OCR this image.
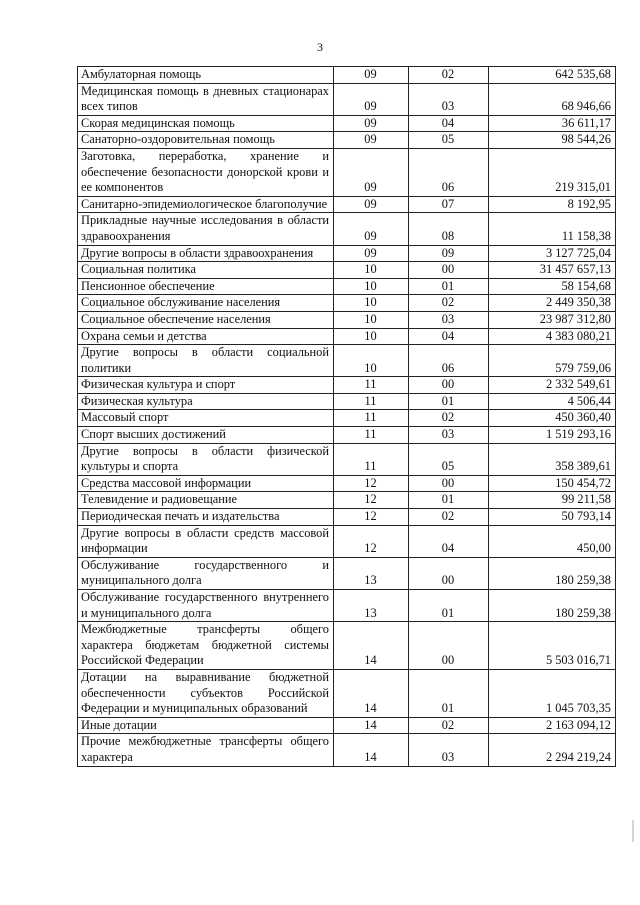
3
Амбулаторная помощь	09	02	642 535,68
Медицинская помощь в дневных стационарах всех типов	09	03	68 946,66
Скорая медицинская помощь	09	04	36 611,17
Санаторно-оздоровительная помощь	09	05	98 544,26
Заготовка, переработка, хранение и обеспечение безопасности донорской крови и ее компонентов	09	06	219 315,01
Санитарно-эпидемиологическое благополучие	09	07	8 192,95
Прикладные научные исследования в области здравоохранения	09	08	11 158,38
Другие вопросы в области здравоохранения	09	09	3 127 725,04
Социальная политика	10	00	31 457 657,13
Пенсионное обеспечение	10	01	58 154,68
Социальное обслуживание населения	10	02	2 449 350,38
Социальное обеспечение населения	10	03	23 987 312,80
Охрана семьи и детства	10	04	4 383 080,21
Другие вопросы в области социальной политики	10	06	579 759,06
Физическая культура и спорт	11	00	2 332 549,61
Физическая культура	11	01	4 506,44
Массовый спорт	11	02	450 360,40
Спорт высших достижений	11	03	1 519 293,16
Другие вопросы в области физической культуры и спорта	11	05	358 389,61
Средства массовой информации	12	00	150 454,72
Телевидение и радиовещание	12	01	99 211,58
Периодическая печать и издательства	12	02	50 793,14
Другие вопросы в области средств массовой информации	12	04	450,00
Обслуживание государственного и муниципального долга	13	00	180 259,38
Обслуживание государственного внутреннего и муниципального долга	13	01	180 259,38
Межбюджетные трансферты общего характера бюджетам бюджетной системы Российской Федерации	14	00	5 503 016,71
Дотации на выравнивание бюджетной обеспеченности субъектов Российской Федерации и муниципальных образований	14	01	1 045 703,35
Иные дотации	14	02	2 163 094,12
Прочие межбюджетные трансферты общего характера	14	03	2 294 219,24
